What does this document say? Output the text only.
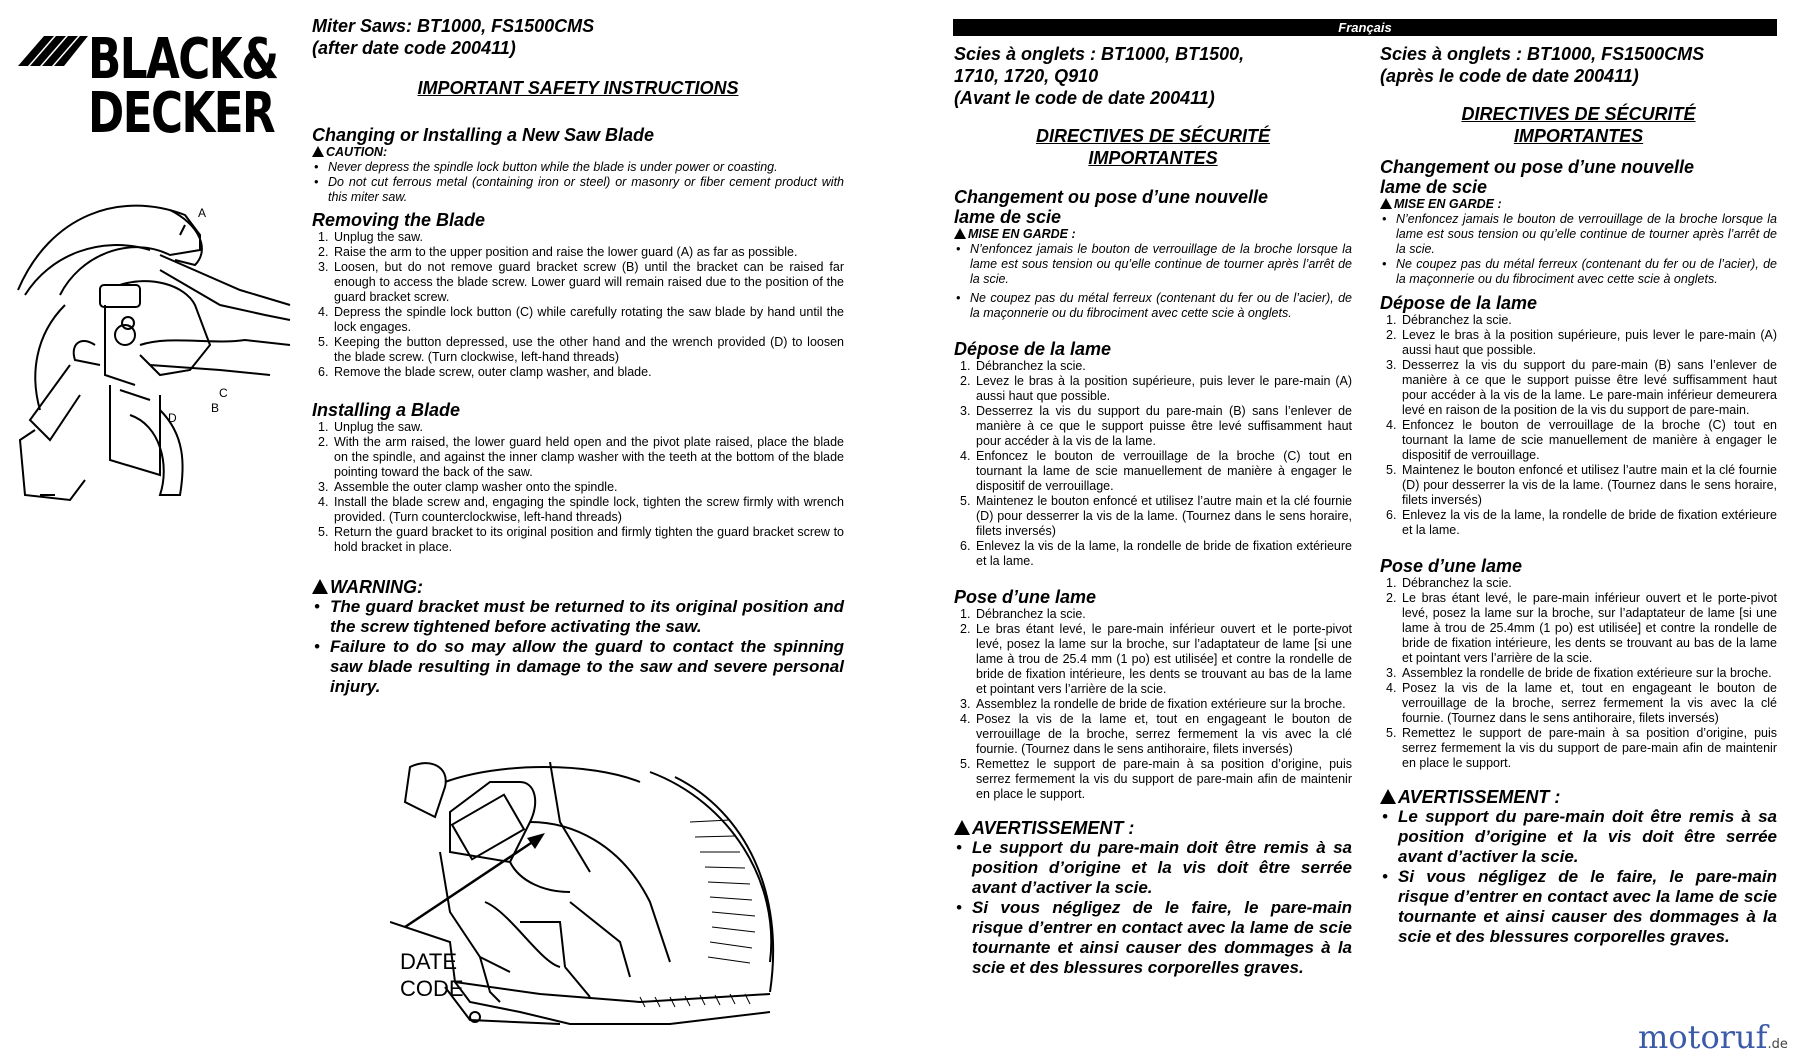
BLACK&
DECKER
A
C
B
D
DATE
CODE
Miter Saws: BT1000, FS1500CMS
(after date code 200411)
IMPORTANT SAFETY INSTRUCTIONS
Changing or Installing a New Saw Blade
CAUTION:
• Never depress the spindle lock button while the blade is under power or coasting.
• Do not cut ferrous metal (containing iron or steel) or masonry or fiber cement product with this miter saw.
Removing the Blade
1. Unplug the saw.
2. Raise the arm to the upper position and raise the lower guard (A) as far as possible.
3. Loosen, but do not remove guard bracket screw (B) until the bracket can be raised far enough to access the blade screw. Lower guard will remain raised due to the position of the guard bracket screw.
4. Depress the spindle lock button (C) while carefully rotating the saw blade by hand until the lock engages.
5. Keeping the button depressed, use the other hand and the wrench provided (D) to loosen the blade screw. (Turn clockwise, left-hand threads)
6. Remove the blade screw, outer clamp washer, and blade.
Installing a Blade
1. Unplug the saw.
2. With the arm raised, the lower guard held open and the pivot plate raised, place the blade on the spindle, and against the inner clamp washer with the teeth at the bottom of the blade pointing toward the back of the saw.
3. Assemble the outer clamp washer onto the spindle.
4. Install the blade screw and, engaging the spindle lock, tighten the screw firmly with wrench provided. (Turn counterclockwise, left-hand threads)
5. Return the guard bracket to its original position and firmly tighten the guard bracket screw to hold bracket in place.
WARNING:
• The guard bracket must be returned to its original position and the screw tightened before activating the saw.
• Failure to do so may allow the guard to contact the spinning saw blade resulting in damage to the saw and severe personal injury.
Français
Scies à onglets : BT1000, BT1500,
1710, 1720, Q910
(Avant le code de date 200411)
DIRECTIVES DE SÉCURITÉ
IMPORTANTES
Changement ou pose d’une nouvelle
lame de scie
MISE EN GARDE :
• N’enfoncez jamais le bouton de verrouillage de la broche lorsque la lame est sous tension ou qu’elle continue de tourner après l’arrêt de la scie.
• Ne coupez pas du métal ferreux (contenant du fer ou de l’acier), de la maçonnerie ou du fibrociment avec cette scie à onglets.
Dépose de la lame
1. Débranchez la scie.
2. Levez le bras à la position supérieure, puis lever le pare-main (A) aussi haut que possible.
3. Desserrez la vis du support du pare-main (B) sans l’enlever de manière à ce que le support puisse être levé suffisamment haut pour accéder à la vis de la lame.
4. Enfoncez le bouton de verrouillage de la broche (C) tout en tournant la lame de scie manuellement de manière à engager le dispositif de verrouillage.
5. Maintenez le bouton enfoncé et utilisez l’autre main et la clé fournie (D) pour desserrer la vis de la lame. (Tournez dans le sens horaire, filets inversés)
6. Enlevez la vis de la lame, la rondelle de bride de fixation extérieure et la lame.
Pose d’une lame
1. Débranchez la scie.
2. Le bras étant levé, le pare-main inférieur ouvert et le porte-pivot levé, posez la lame sur la broche, sur l’adaptateur de lame [si une lame à trou de 25.4 mm (1 po) est utilisée] et contre la rondelle de bride de fixation intérieure, les dents se trouvant au bas de la lame et pointant vers l’arrière de la scie.
3. Assemblez la rondelle de bride de fixation extérieure sur la broche.
4. Posez la vis de la lame et, tout en engageant le bouton de verrouillage de la broche, serrez fermement la vis avec la clé fournie. (Tournez dans le sens antihoraire, filets inversés)
5. Remettez le support de pare-main à sa position d’origine, puis serrez fermement la vis du support de pare-main afin de maintenir en place le support.
AVERTISSEMENT :
• Le support du pare-main doit être remis à sa position d’origine et la vis doit être serrée avant d’activer la scie.
• Si vous négligez de le faire, le pare-main risque d’entrer en contact avec la lame de scie tournante et ainsi causer des dommages à la scie et des blessures corporelles graves.
Scies à onglets : BT1000, FS1500CMS
(après le code de date 200411)
DIRECTIVES DE SÉCURITÉ
IMPORTANTES
Changement ou pose d’une nouvelle
lame de scie
MISE EN GARDE :
• N’enfoncez jamais le bouton de verrouillage de la broche lorsque la lame est sous tension ou qu’elle continue de tourner après l’arrêt de la scie.
• Ne coupez pas du métal ferreux (contenant du fer ou de l’acier), de la maçonnerie ou du fibrociment avec cette scie à onglets.
Dépose de la lame
1. Débranchez la scie.
2. Levez le bras à la position supérieure, puis lever le pare-main (A) aussi haut que possible.
3. Desserrez la vis du support du pare-main (B) sans l’enlever de manière à ce que le support puisse être levé suffisamment haut pour accéder à la vis de la lame. Le pare-main inférieur demeurera levé en raison de la position de la vis du support de pare-main.
4. Enfoncez le bouton de verrouillage de la broche (C) tout en tournant la lame de scie manuellement de manière à engager le dispositif de verrouillage.
5. Maintenez le bouton enfoncé et utilisez l’autre main et la clé fournie (D) pour desserrer la vis de la lame. (Tournez dans le sens horaire, filets inversés)
6. Enlevez la vis de la lame, la rondelle de bride de fixation extérieure et la lame.
Pose d’une lame
1. Débranchez la scie.
2. Le bras étant levé, le pare-main inférieur ouvert et le porte-pivot levé, posez la lame sur la broche, sur l’adaptateur de lame [si une lame à trou de 25.4mm (1 po) est utilisée] et contre la rondelle de bride de fixation intérieure, les dents se trouvant au bas de la lame et pointant vers l’arrière de la scie.
3. Assemblez la rondelle de bride de fixation extérieure sur la broche.
4. Posez la vis de la lame et, tout en engageant le bouton de verrouillage de la broche, serrez fermement la vis avec la clé fournie. (Tournez dans le sens antihoraire, filets inversés)
5. Remettez le support de pare-main à sa position d’origine, puis serrez fermement la vis du support de pare-main afin de maintenir en place le support.
AVERTISSEMENT :
• Le support du pare-main doit être remis à sa position d’origine et la vis doit être serrée avant d’activer la scie.
• Si vous négligez de le faire, le pare-main risque d’entrer en contact avec la lame de scie tournante et ainsi causer des dommages à la scie et des blessures corporelles graves.
motoruf.de
